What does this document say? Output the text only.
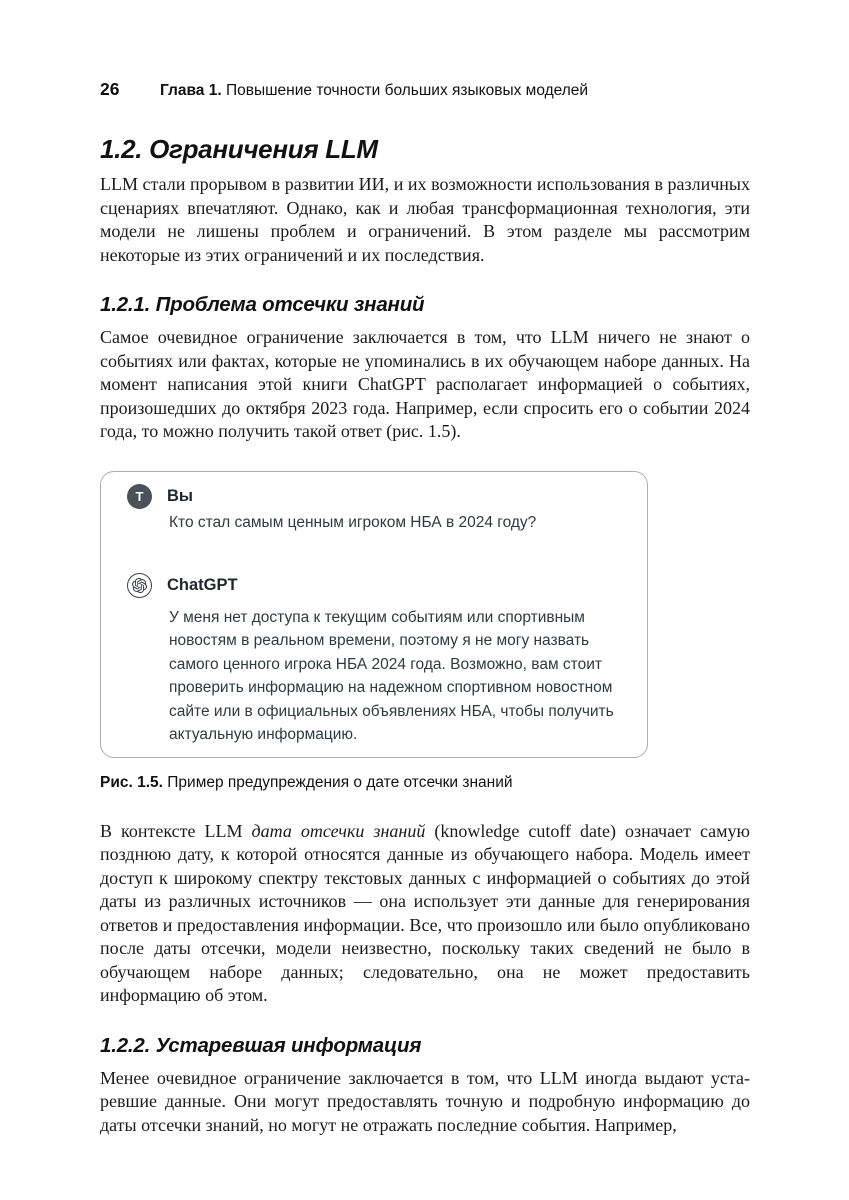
26	Глава 1. Повышение точности больших языковых моделей
1.2. Ограничения LLM

LLM стали прорывом в развитии ИИ, и их возможности использования в различных сценариях впечатляют. Однако, как и любая трансформационная технология, эти модели не лишены проблем и ограничений. В этом разделе мы рассмотрим некоторые из этих ограничений и их последствия.

1.2.1. Проблема отсечки знаний

Самое очевидное ограничение заключается в том, что LLM ничего не знают о событиях или фактах, которые не упоминались в их обучающем наборе данных. На момент написания этой книги ChatGPT располагает информацией о событиях, произошедших до октября 2023 года. Например, если спросить его о событии 2024 года, то можно получить такой ответ (рис. 1.5).

T	Вы
Кто стал самым ценным игроком НБА в 2024 году?
ChatGPT
У меня нет доступа к текущим событиям или спортивным новостям в реальном времени, поэтому я не могу назвать самого ценного игрока НБА 2024 года. Возможно, вам стоит проверить информацию на надежном спортивном новостном сайте или в официальных объявлениях НБА, чтобы получить актуальную информацию.
Рис. 1.5. Пример предупреждения о дате отсечки знаний

В контексте LLM дата отсечки знаний (knowledge cutoff date) означает самую позднюю дату, к которой относятся данные из обучающего набора. Модель имеет доступ к широкому спектру текстовых данных с информацией о событиях до этой даты из различных источников — она использует эти данные для генерирования ответов и предоставления информации. Все, что произошло или было опубликовано после даты отсечки, модели неизвестно, поскольку таких сведений не было в обучающем наборе данных; следовательно, она не может предоставить информацию об этом.

1.2.2. Устаревшая информация

Менее очевидное ограничение заключается в том, что LLM иногда выдают устаревшие данные. Они могут предоставлять точную и подробную информацию до даты отсечки знаний, но могут не отражать последние события. Например,
